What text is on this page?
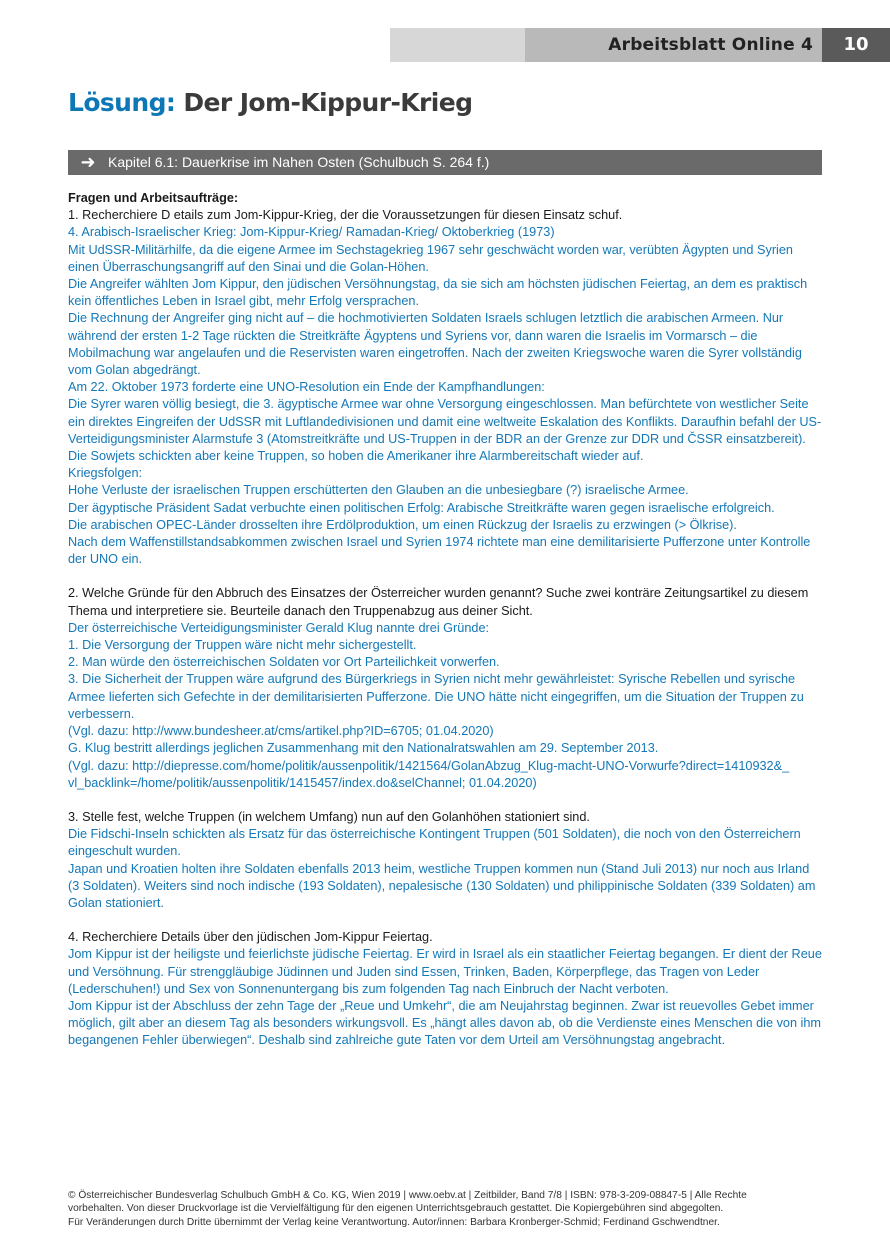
Arbeitsblatt Online 4	10
Lösung: Der Jom-Kippur-Krieg
➜ Kapitel 6.1: Dauerkrise im Nahen Osten (Schulbuch S. 264 f.)

Fragen und Arbeitsaufträge:

1. Recherchiere D etails zum Jom-Kippur-Krieg, der die Voraussetzungen für diesen Einsatz schuf.

4. Arabisch-Israelischer Krieg: Jom-Kippur-Krieg/ Ramadan-Krieg/ Oktoberkrieg (1973)

Mit UdSSR-Militärhilfe, da die eigene Armee im Sechstagekrieg 1967 sehr geschwächt worden war, verübten Ägypten und Syrien einen Überraschungsangriff auf den Sinai und die Golan-Höhen.

Die Angreifer wählten Jom Kippur, den jüdischen Versöhnungstag, da sie sich am höchsten jüdischen Feiertag, an dem es praktisch kein öffentliches Leben in Israel gibt, mehr Erfolg versprachen.

Die Rechnung der Angreifer ging nicht auf – die hochmotivierten Soldaten Israels schlugen letztlich die arabischen Armeen. Nur während der ersten 1-2 Tage rückten die Streitkräfte Ägyptens und Syriens vor, dann waren die Israelis im Vormarsch – die Mobilmachung war angelaufen und die Reservisten waren eingetroffen. Nach der zweiten Kriegswoche waren die Syrer vollständig vom Golan abgedrängt.

Am 22. Oktober 1973 forderte eine UNO-Resolution ein Ende der Kampfhandlungen:

Die Syrer waren völlig besiegt, die 3. ägyptische Armee war ohne Versorgung eingeschlossen. Man befürchtete von westlicher Seite ein direktes Eingreifen der UdSSR mit Luftlandedivisionen und damit eine weltweite Eskalation des Konflikts. Daraufhin befahl der US-Verteidigungsminister Alarmstufe 3 (Atomstreitkräfte und US-Truppen in der BDR an der Grenze zur DDR und ČSSR einsatzbereit).

Die Sowjets schickten aber keine Truppen, so hoben die Amerikaner ihre Alarmbereitschaft wieder auf.

Kriegsfolgen:

Hohe Verluste der israelischen Truppen erschütterten den Glauben an die unbesiegbare (?) israelische Armee.

Der ägyptische Präsident Sadat verbuchte einen politischen Erfolg: Arabische Streitkräfte waren gegen israelische erfolgreich.

Die arabischen OPEC-Länder drosselten ihre Erdölproduktion, um einen Rückzug der Israelis zu erzwingen (> Ölkrise).

Nach dem Waffenstillstandsabkommen zwischen Israel und Syrien 1974 richtete man eine demilitarisierte Pufferzone unter Kontrolle der UNO ein.

2. Welche Gründe für den Abbruch des Einsatzes der Österreicher wurden genannt? Suche zwei konträre Zeitungsartikel zu diesem Thema und interpretiere sie. Beurteile danach den Truppenabzug aus deiner Sicht.

Der österreichische Verteidigungsminister Gerald Klug nannte drei Gründe:

1. Die Versorgung der Truppen wäre nicht mehr sichergestellt.

2. Man würde den österreichischen Soldaten vor Ort Parteilichkeit vorwerfen.

3. Die Sicherheit der Truppen wäre aufgrund des Bürgerkriegs in Syrien nicht mehr gewährleistet: Syrische Rebellen und syrische Armee lieferten sich Gefechte in der demilitarisierten Pufferzone. Die UNO hätte nicht eingegriffen, um die Situation der Truppen zu verbessern.

(Vgl. dazu: http://www.bundesheer.at/cms/artikel.php?ID=6705; 01.04.2020)

G. Klug bestritt allerdings jeglichen Zusammenhang mit den Nationalratswahlen am 29. September 2013.

(Vgl. dazu: http://diepresse.com/home/politik/aussenpolitik/1421564/GolanAbzug_Klug-macht-UNO-Vorwurfe?direct=1410932&_ vl_backlink=/home/politik/aussenpolitik/1415457/index.do&selChannel; 01.04.2020)

3. Stelle fest, welche Truppen (in welchem Umfang) nun auf den Golanhöhen stationiert sind.

Die Fidschi-Inseln schickten als Ersatz für das österreichische Kontingent Truppen (501 Soldaten), die noch von den Österreichern eingeschult wurden.

Japan und Kroatien holten ihre Soldaten ebenfalls 2013 heim, westliche Truppen kommen nun (Stand Juli 2013) nur noch aus Irland (3 Soldaten). Weiters sind noch indische (193 Soldaten), nepalesische (130 Soldaten) und philippinische Soldaten (339 Soldaten) am Golan stationiert.

4. Recherchiere Details über den jüdischen Jom-Kippur Feiertag.

Jom Kippur ist der heiligste und feierlichste jüdische Feiertag. Er wird in Israel als ein staatlicher Feiertag begangen. Er dient der Reue und Versöhnung. Für strenggläubige Jüdinnen und Juden sind Essen, Trinken, Baden, Körperpflege, das Tragen von Leder (Lederschuhen!) und Sex von Sonnenuntergang bis zum folgenden Tag nach Einbruch der Nacht verboten.

Jom Kippur ist der Abschluss der zehn Tage der „Reue und Umkehr“, die am Neujahrstag beginnen. Zwar ist reuevolles Gebet immer möglich, gilt aber an diesem Tag als besonders wirkungsvoll. Es „hängt alles davon ab, ob die Verdienste eines Menschen die von ihm begangenen Fehler überwiegen“. Deshalb sind zahlreiche gute Taten vor dem Urteil am Versöhnungstag angebracht.

© Österreichischer Bundesverlag Schulbuch GmbH & Co. KG, Wien 2019 | www.oebv.at | Zeitbilder, Band 7/8 | ISBN: 978-3-209-08847-5 | Alle Rechte

vorbehalten. Von dieser Druckvorlage ist die Vervielfältigung für den eigenen Unterrichtsgebrauch gestattet. Die Kopiergebühren sind abgegolten.

Für Veränderungen durch Dritte übernimmt der Verlag keine Verantwortung. Autor/innen: Barbara Kronberger-Schmid; Ferdinand Gschwendtner.
